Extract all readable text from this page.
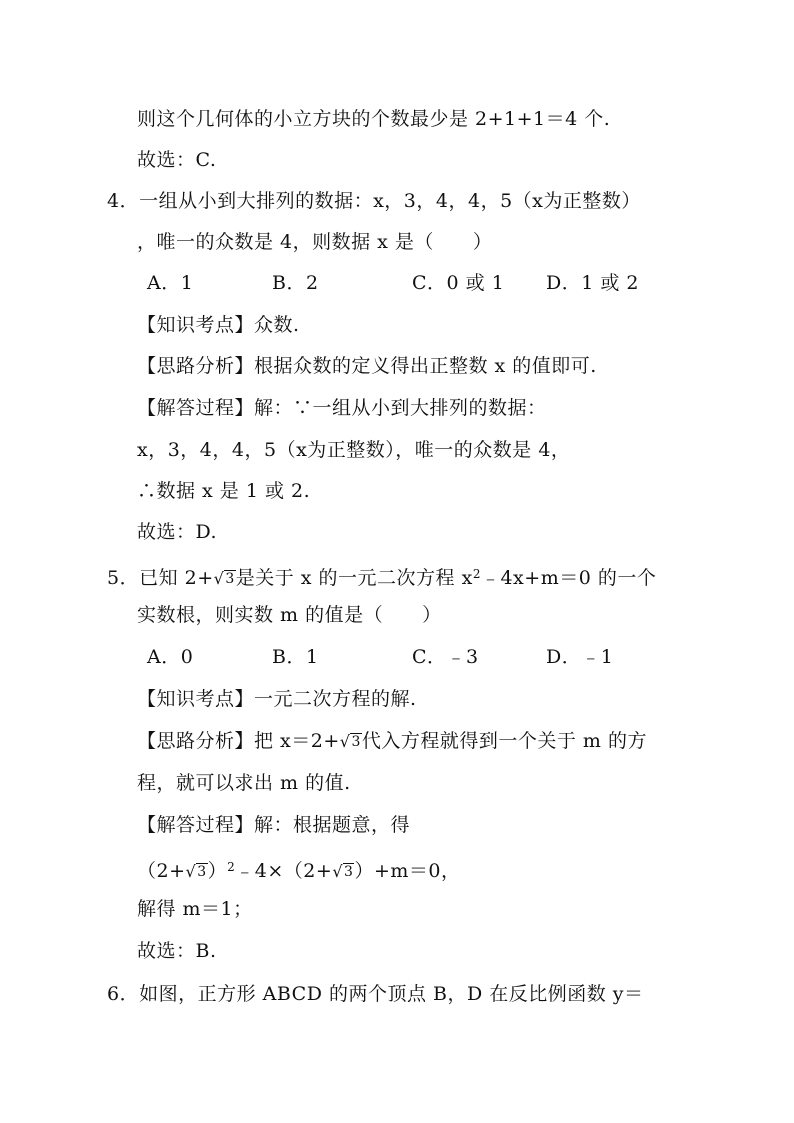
则这个几何体的小立方块的个数最少是 2+1+1＝4 个.
故选：C.
4．一组从小到大排列的数据：x，3，4，4，5（x为正整数）
，唯一的众数是 4，则数据 x 是（　　）
A．1	B．2	C．0 或 1 D．1 或 2
【知识考点】众数.
【思路分析】根据众数的定义得出正整数 x 的值即可.
【解答过程】解：∵一组从小到大排列的数据：
x，3，4，4，5（x为正整数），唯一的众数是 4，
∴数据 x 是 1 或 2.
故选：D.
5．已知 2+ √ 3 是关于 x 的一元二次方程 $x^2﹣4x+m=0$ 的一个
实数根，则实数 m 的值是（　　）
A．0	B．1	C．﹣3	D．﹣1
【知识考点】一元二次方程的解.
【思路分析】把 x＝2+ √ 3 代入方程就得到一个关于 m 的方
程，就可以求出 m 的值.
【解答过程】解：根据题意，得
（2+ √ 3 ）$^2$﹣4×（2+ √ 3 ）+m＝0，
解得 m＝1；
故选：B.
6．如图，正方形 ABCD 的两个顶点 B，D 在反比例函数 y＝
